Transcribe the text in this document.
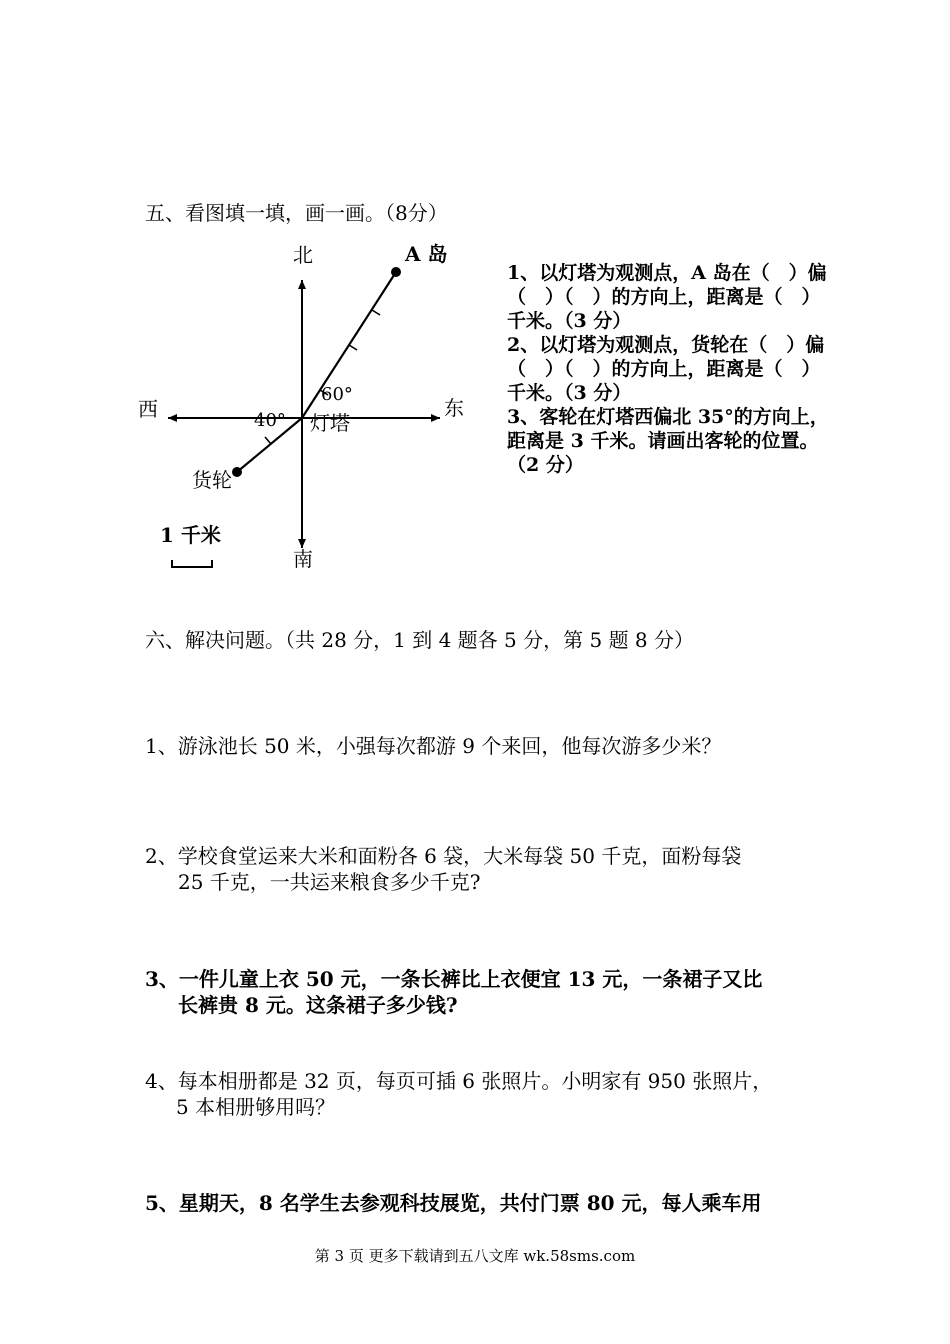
五、看图填一填，画一画。（8分）
北
南
西	东
灯塔
A 岛
货轮
60°
40°
1 千米
1、以灯塔为观测点，A 岛在（　）偏
（　）（　）的方向上，距离是（　）
千米。（3 分）
2、以灯塔为观测点，货轮在（　）偏
（　）（　）的方向上，距离是（　）
千米。（3 分）
3、客轮在灯塔西偏北 35°的方向上，
距离是 3 千米。请画出客轮的位置。
（2 分）
六、解决问题。（共 28 分，1 到 4 题各 5 分，第 5 题 8 分）
1、游泳池长 50 米，小强每次都游 9 个来回，他每次游多少米？
2、学校食堂运来大米和面粉各 6 袋，大米每袋 50 千克，面粉每袋
25 千克，一共运来粮食多少千克?
3、一件儿童上衣 50 元，一条长裤比上衣便宜 13 元，一条裙子又比
长裤贵 8 元。这条裙子多少钱?
4、每本相册都是 32 页，每页可插 6 张照片。小明家有 950 张照片，
5 本相册够用吗？
5、星期天，8 名学生去参观科技展览，共付门票 80 元，每人乘车用
第 3 页 更多下载请到五八文库 wk.58sms.com
